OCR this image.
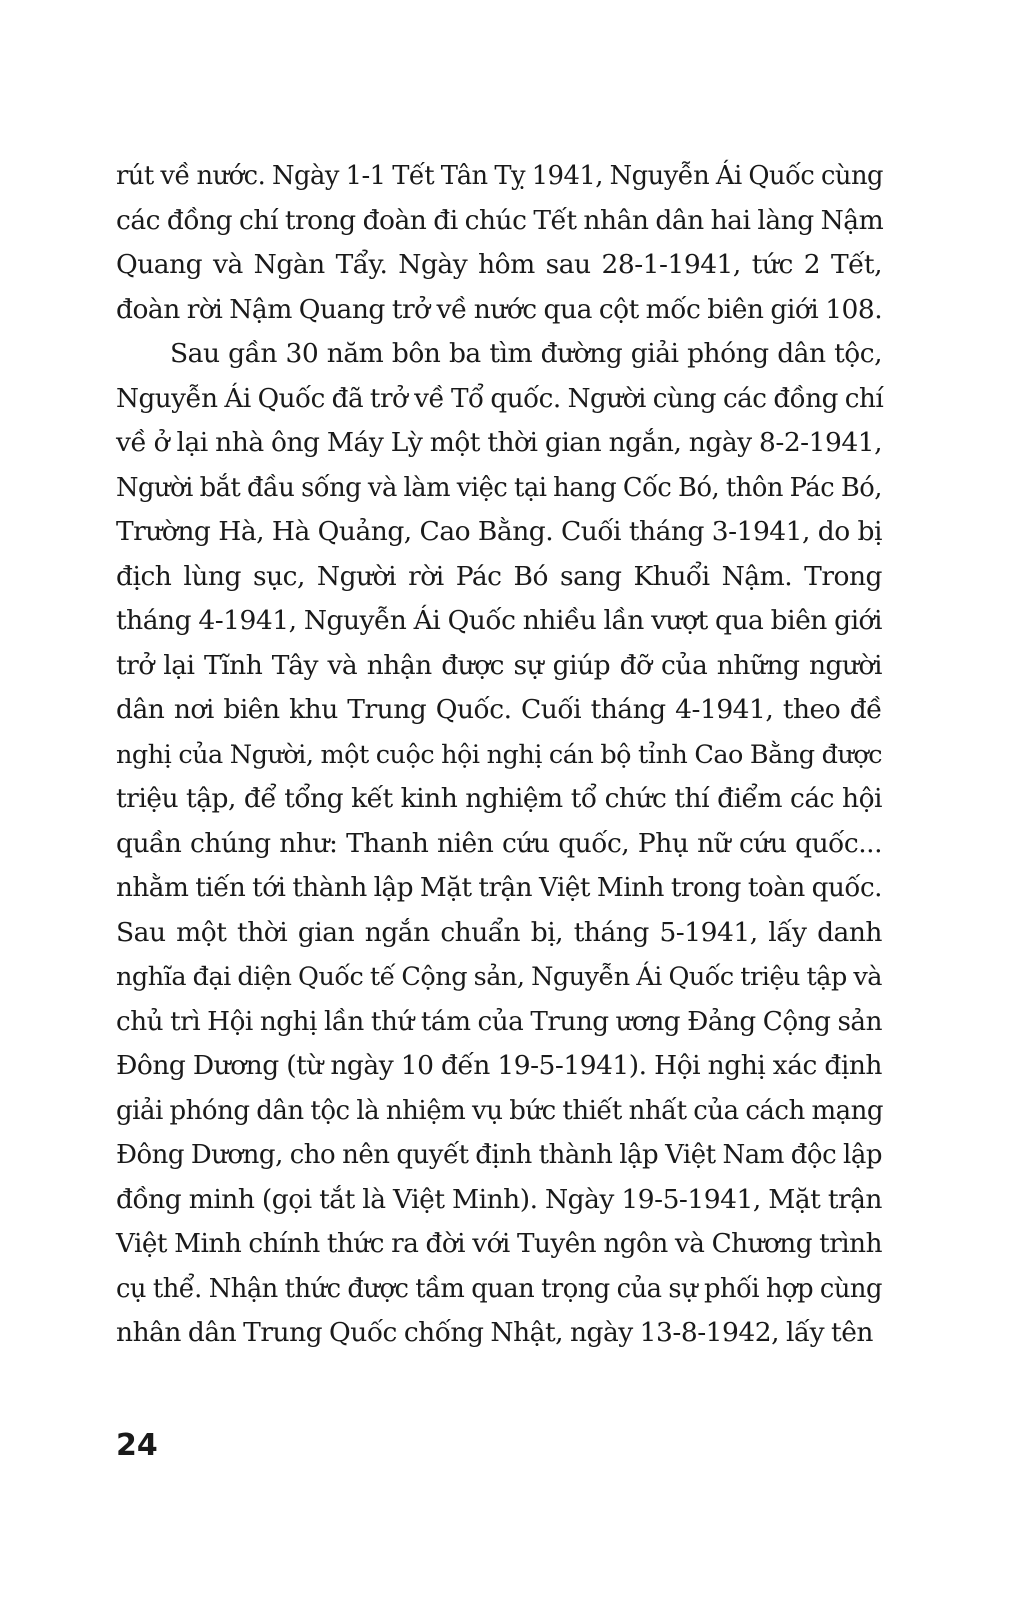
rút về nước. Ngày 1-1 Tết Tân Tỵ 1941, Nguyễn Ái Quốc cùng
các đồng chí trong đoàn đi chúc Tết nhân dân hai làng Nậm
Quang và Ngàn Tẩy. Ngày hôm sau 28-1-1941, tức 2 Tết,
đoàn rời Nậm Quang trở về nước qua cột mốc biên giới 108.
Sau gần 30 năm bôn ba tìm đường giải phóng dân tộc,
Nguyễn Ái Quốc đã trở về Tổ quốc. Người cùng các đồng chí
về ở lại nhà ông Máy Lỳ một thời gian ngắn, ngày 8-2-1941,
Người bắt đầu sống và làm việc tại hang Cốc Bó, thôn Pác Bó,
Trường Hà, Hà Quảng, Cao Bằng. Cuối tháng 3-1941, do bị
địch lùng sục, Người rời Pác Bó sang Khuổi Nậm. Trong
tháng 4-1941, Nguyễn Ái Quốc nhiều lần vượt qua biên giới
trở lại Tĩnh Tây và nhận được sự giúp đỡ của những người
dân nơi biên khu Trung Quốc. Cuối tháng 4-1941, theo đề
nghị của Người, một cuộc hội nghị cán bộ tỉnh Cao Bằng được
triệu tập, để tổng kết kinh nghiệm tổ chức thí điểm các hội
quần chúng như: Thanh niên cứu quốc, Phụ nữ cứu quốc...
nhằm tiến tới thành lập Mặt trận Việt Minh trong toàn quốc.
Sau một thời gian ngắn chuẩn bị, tháng 5-1941, lấy danh
nghĩa đại diện Quốc tế Cộng sản, Nguyễn Ái Quốc triệu tập và
chủ trì Hội nghị lần thứ tám của Trung ương Đảng Cộng sản
Đông Dương (từ ngày 10 đến 19-5-1941). Hội nghị xác định
giải phóng dân tộc là nhiệm vụ bức thiết nhất của cách mạng
Đông Dương, cho nên quyết định thành lập Việt Nam độc lập
đồng minh (gọi tắt là Việt Minh). Ngày 19-5-1941, Mặt trận
Việt Minh chính thức ra đời với Tuyên ngôn và Chương trình
cụ thể. Nhận thức được tầm quan trọng của sự phối hợp cùng
nhân dân Trung Quốc chống Nhật, ngày 13-8-1942, lấy tên
24
